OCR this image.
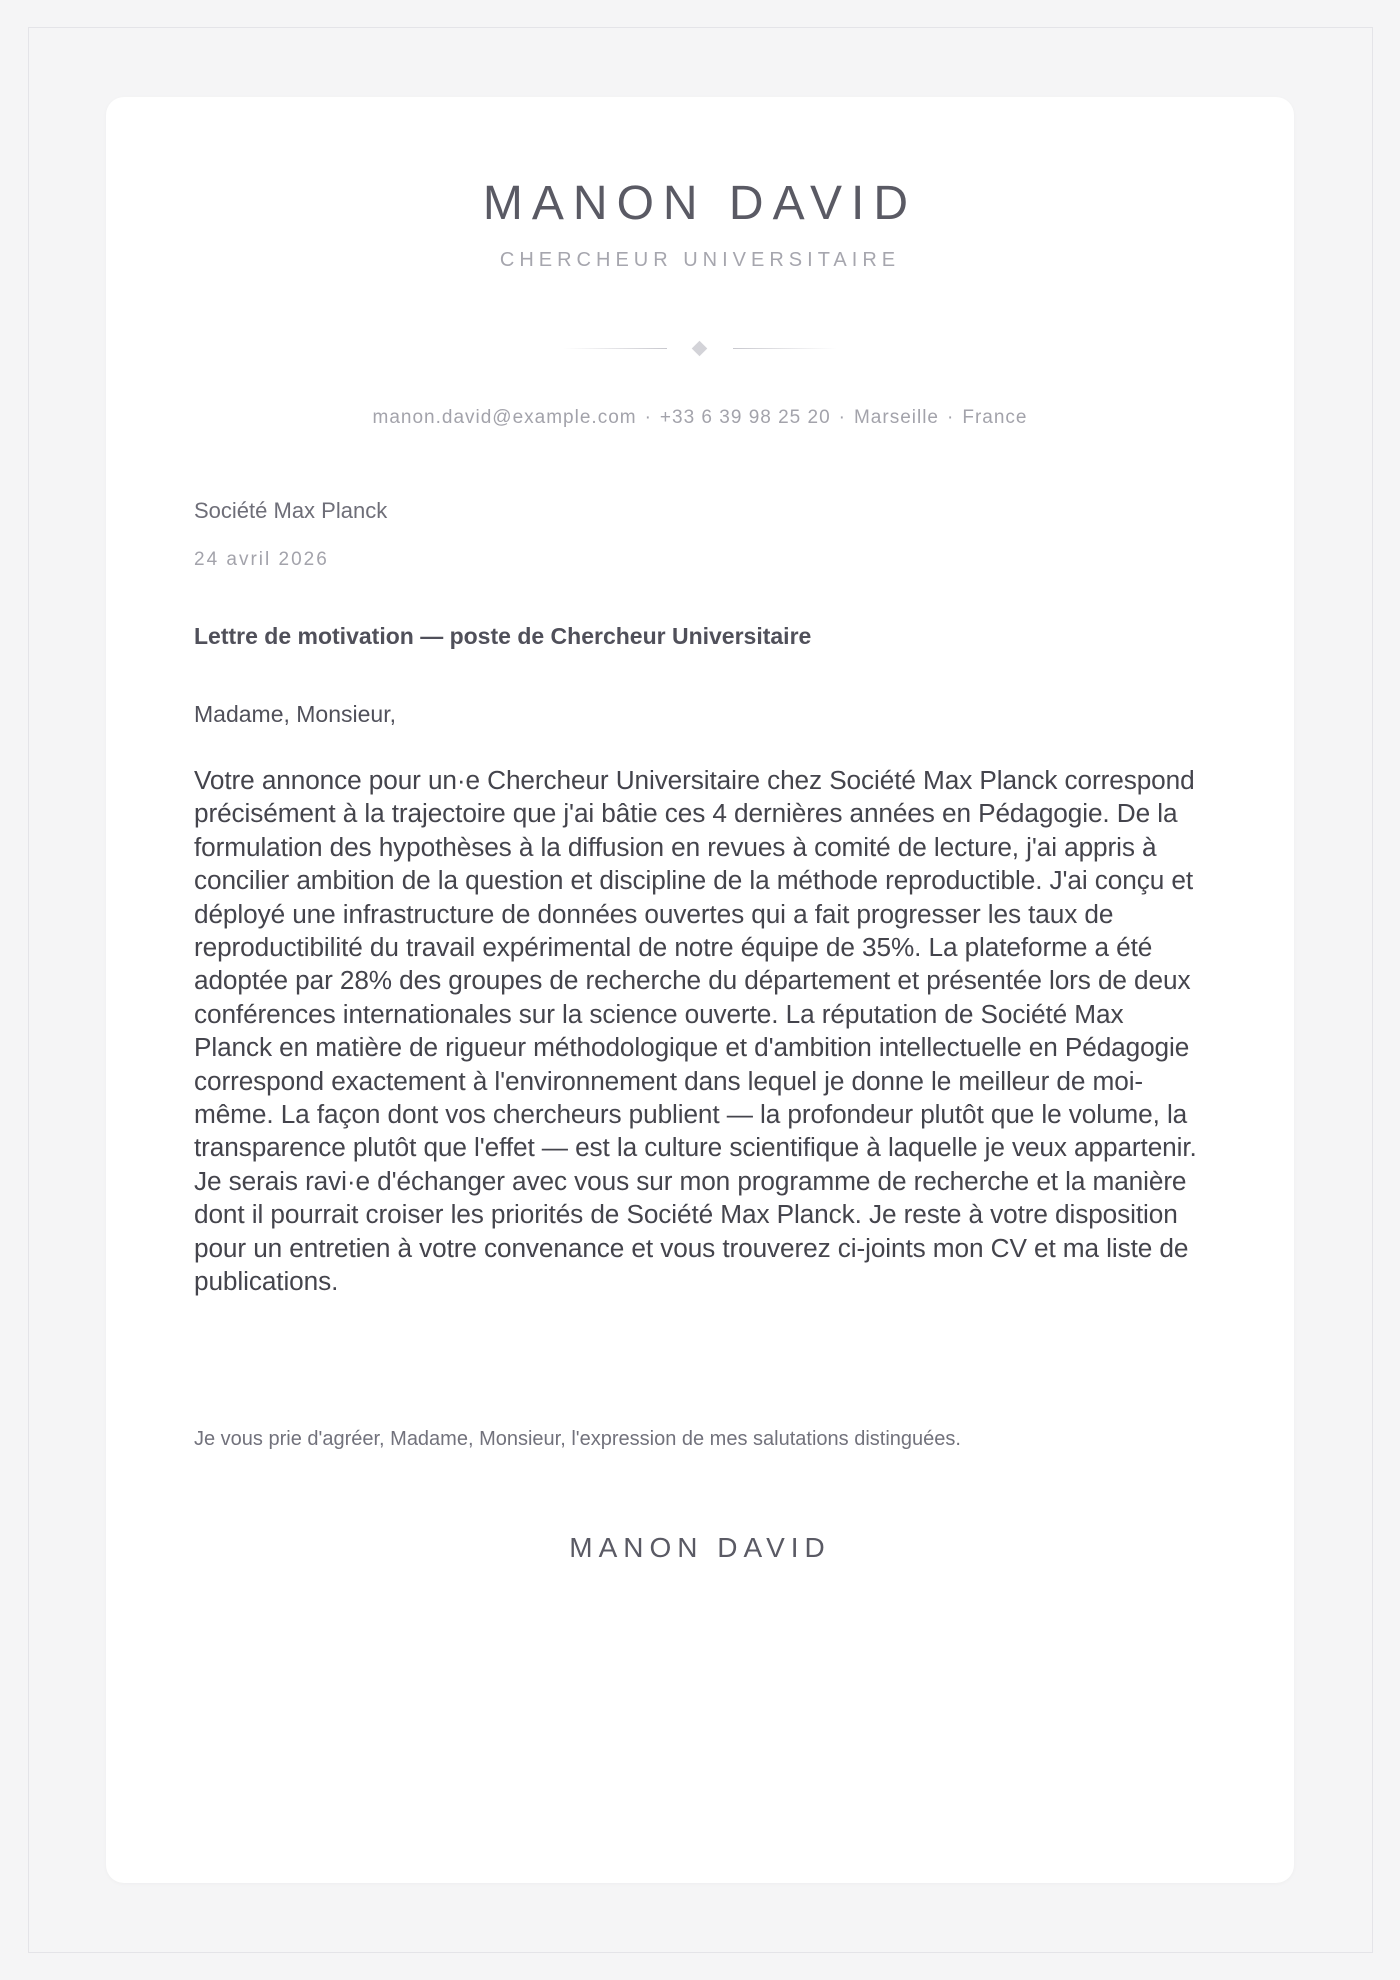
MANON DAVID
CHERCHEUR UNIVERSITAIRE
manon.david@example.com · +33 6 39 98 25 20 · Marseille · France
Société Max Planck
24 avril 2026
Lettre de motivation — poste de Chercheur Universitaire
Madame, Monsieur,
Votre annonce pour un·e Chercheur Universitaire chez Société Max Planck correspond précisément à la trajectoire que j'ai bâtie ces 4 dernières années en Pédagogie. De la formulation des hypothèses à la diffusion en revues à comité de lecture, j'ai appris à concilier ambition de la question et discipline de la méthode reproductible. J'ai conçu et déployé une infrastructure de données ouvertes qui a fait progresser les taux de reproductibilité du travail expérimental de notre équipe de 35%. La plateforme a été adoptée par 28% des groupes de recherche du département et présentée lors de deux conférences internationales sur la science ouverte. La réputation de Société Max Planck en matière de rigueur méthodologique et d'ambition intellectuelle en Pédagogie correspond exactement à l'environnement dans lequel je donne le meilleur de moi-même. La façon dont vos chercheurs publient — la profondeur plutôt que le volume, la transparence plutôt que l'effet — est la culture scientifique à laquelle je veux appartenir. Je serais ravi·e d'échanger avec vous sur mon programme de recherche et la manière dont il pourrait croiser les priorités de Société Max Planck. Je reste à votre disposition pour un entretien à votre convenance et vous trouverez ci-joints mon CV et ma liste de publications.
Je vous prie d'agréer, Madame, Monsieur, l'expression de mes salutations distinguées.
MANON DAVID
